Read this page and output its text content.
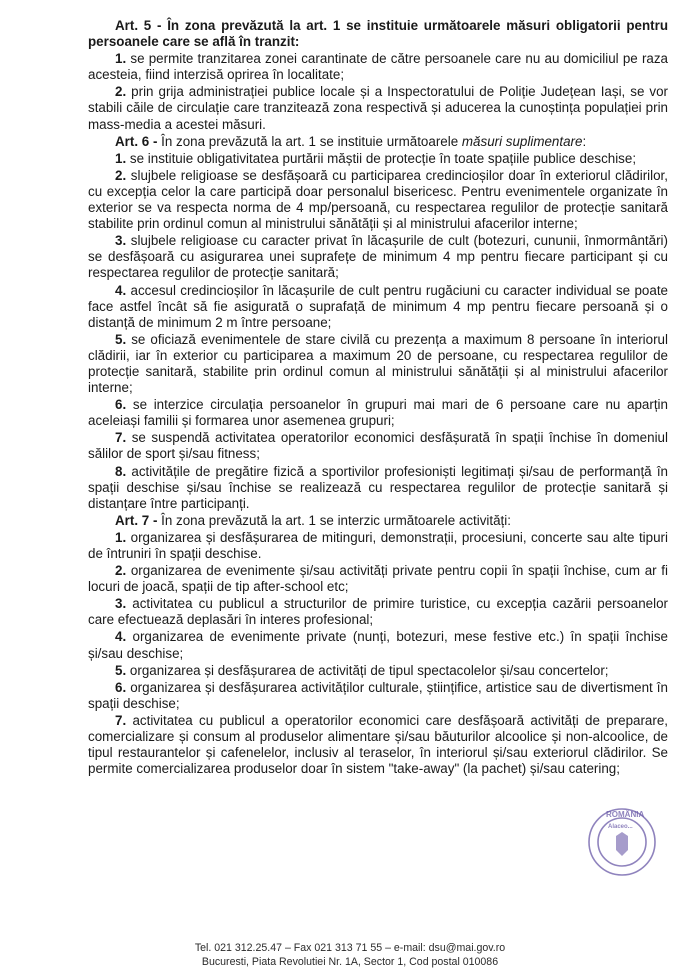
Art. 5 - În zona prevăzută la art. 1 se instituie următoarele măsuri obligatorii pentru persoanele care se află în tranzit:

1. se permite tranzitarea zonei carantinate de către persoanele care nu au domiciliul pe raza acesteia, fiind interzisă oprirea în localitate;

2. prin grija administrației publice locale și a Inspectoratului de Poliție Județean Iași, se vor stabili căile de circulație care tranzitează zona respectivă și aducerea la cunoștința populației prin mass-media a acestei măsuri.

Art. 6 - În zona prevăzută la art. 1 se instituie următoarele măsuri suplimentare:

1. se instituie obligativitatea purtării măștii de protecție în toate spațiile publice deschise;

2. slujbele religioase se desfășoară cu participarea credincioșilor doar în exteriorul clădirilor, cu excepția celor la care participă doar personalul bisericesc. Pentru evenimentele organizate în exterior se va respecta norma de 4 mp/persoană, cu respectarea regulilor de protecție sanitară stabilite prin ordinul comun al ministrului sănătății și al ministrului afacerilor interne;

3. slujbele religioase cu caracter privat în lăcașurile de cult (botezuri, cununii, înmormântări) se desfășoară cu asigurarea unei suprafețe de minimum 4 mp pentru fiecare participant și cu respectarea regulilor de protecție sanitară;

4. accesul credincioșilor în lăcașurile de cult pentru rugăciuni cu caracter individual se poate face astfel încât să fie asigurată o suprafață de minimum 4 mp pentru fiecare persoană și o distanță de minimum 2 m între persoane;

5. se oficiază evenimentele de stare civilă cu prezența a maximum 8 persoane în interiorul clădirii, iar în exterior cu participarea a maximum 20 de persoane, cu respectarea regulilor de protecție sanitară, stabilite prin ordinul comun al ministrului sănătății și al ministrului afacerilor interne;

6. se interzice circulația persoanelor în grupuri mai mari de 6 persoane care nu aparțin aceleiași familii și formarea unor asemenea grupuri;

7. se suspendă activitatea operatorilor economici desfășurată în spații închise în domeniul sălilor de sport și/sau fitness;

8. activitățile de pregătire fizică a sportivilor profesioniști legitimați și/sau de performanță în spații deschise și/sau închise se realizează cu respectarea regulilor de protecție sanitară și distanțare între participanți.

Art. 7 - În zona prevăzută la art. 1 se interzic următoarele activități:

1. organizarea și desfășurarea de mitinguri, demonstrații, procesiuni, concerte sau alte tipuri de întruniri în spații deschise.

2. organizarea de evenimente și/sau activități private pentru copii în spații închise, cum ar fi locuri de joacă, spații de tip after-school etc;

3. activitatea cu publicul a structurilor de primire turistice, cu excepția cazării persoanelor care efectuează deplasări în interes profesional;

4. organizarea de evenimente private (nunți, botezuri, mese festive etc.) în spații închise și/sau deschise;

5. organizarea și desfășurarea de activități de tipul spectacolelor și/sau concertelor;

6. organizarea și desfășurarea activităților culturale, științifice, artistice sau de divertisment în spații deschise;

7. activitatea cu publicul a operatorilor economici care desfășoară activități de preparare, comercializare și consum al produselor alimentare și/sau băuturilor alcoolice și non-alcoolice, de tipul restaurantelor și cafenelelor, inclusiv al teraselor, în interiorul și/sau exteriorul clădirilor. Se permite comercializarea produselor doar în sistem "take-away" (la pachet) și/sau catering;

ROMÂNIA
Alaceo...
Tel. 021 312.25.47 – Fax 021 313 71 55 – e-mail: dsu@mai.gov.ro
Bucuresti, Piata Revolutiei Nr. 1A, Sector 1, Cod postal 010086
